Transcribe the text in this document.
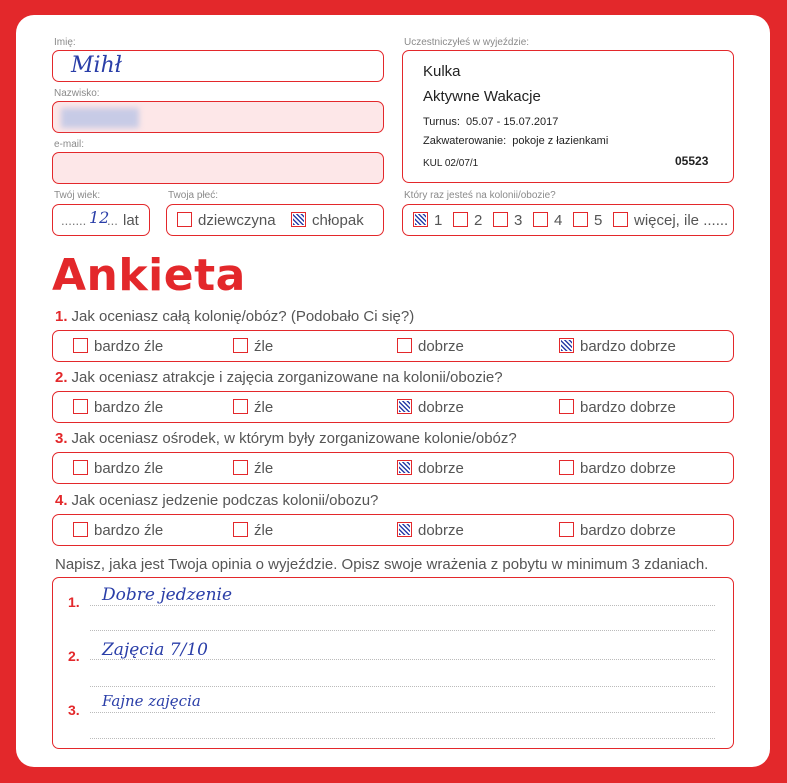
Imię:
Mihł
Nazwisko:
e-mail:
Twój wiek:
....... 12
... lat
Twoja płeć:
dziewczyna	chłopak
Uczestniczyłeś w wyjeździe:
Kulka
Aktywne Wakacje
Turnus: 05.07 - 15.07.2017
Zakwaterowanie: pokoje z łazienkami
KUL 02/07/1	05523
Który raz jesteś na kolonii/obozie?
1	2	3	4	5	więcej, ile ......
Ankieta
1. Jak oceniasz całą kolonię/obóz? (Podobało Ci się?)
bardzo źle	źle	dobrze	bardzo dobrze
2. Jak oceniasz atrakcje i zajęcia zorganizowane na kolonii/obozie?
bardzo źle	źle	dobrze	bardzo dobrze
3. Jak oceniasz ośrodek, w którym były zorganizowane kolonie/obóz?
bardzo źle	źle	dobrze	bardzo dobrze
4. Jak oceniasz jedzenie podczas kolonii/obozu?
bardzo źle	źle	dobrze	bardzo dobrze
Napisz, jaka jest Twoja opinia o wyjeździe. Opisz swoje wrażenia z pobytu w minimum 3 zdaniach.
1. Dobre jedzenie
2. Zajęcia 7/10
3. Fajne zajęcia
